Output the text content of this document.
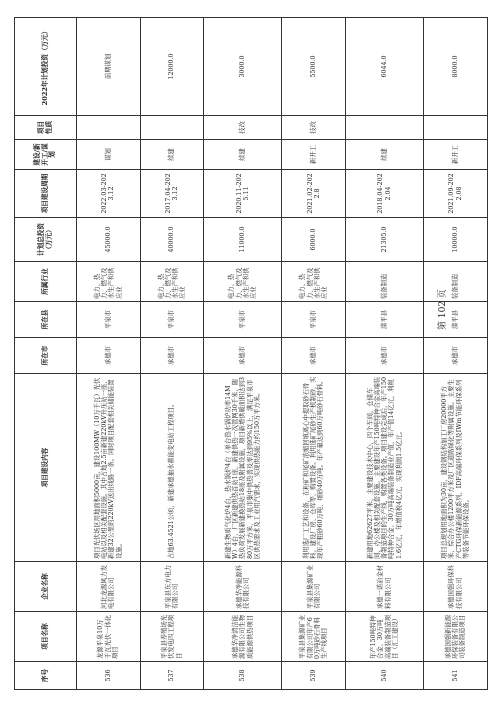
序号	项目名称	企业名称	项目建设内容	所在市	所在县	所属行业	计划总投资（万元）	项目建设周期	建设/新开工/谋划	项目性质	2022年计划投资（万元）
536	龙源平泉10万千瓦光伏一体化项目	河北龙源风力发电有限公司	项目光伏场区用地面积5000亩，建设100MW（10万千瓦）光伏电站以及相关配套设施。其中占地2.5亩新建220kV升压站一座，新建32公里的220kV送出线路一条。同时项目配套相关储能装置设施。	承德市	平泉市	电力、热力、燃气及水生产和供应业	45000.0	2022.03-2023.12	谋划		前期谋划
537	平泉县养殖场光伏发电四工程项目	平泉县东方电力有限公司	占地63.4521公顷，新建承德抽水蓄能变电站工程项目。	承德市	平泉市	电力、热力、燃气及水生产和供应业	40000.0	2017.04-2023.12	续建		12000.0
538	承德华净清洁能源有限公司生物质能源供热项目	承德华净能源科技有限公司	新建生物质气化炉4台，热水锅炉4台（单台热水锅炉功率14MW）4台，厂区新建供热首站1座，新建供热一次管网30千米，随热负荷发展新建换热站18座及附属设施，项目新增供暖面积达到380万平方米，平泉市集中供热普及率达到95%以上，满足平泉市区供热需求及工业用汽需求，实现供热能力约150万平方米。	承德市	平泉市	电力、热力、燃气及水生产和供应业	11000.0	2020.11-2025.11	续建	技改	3000.0
539	平泉县集源矿业有限公司年产60万吨砂石骨料生产线项目	平泉县集源矿业有限公司	利用选厂工艺和设备，在粉矿和尾矿浓缩回填离心中提取砂石骨料，建设厂房、仓库等，购置设备。利用选矿尾砂生产机制砂，实现年产粗砂60万吨、细砂40万吨。年产量达到60万吨砂石骨料。	承德市	平泉市	电力、热力、燃气及水生产和供应业	6000.0	2021.02-2022.8	新开工	技改	5500.0
540	年产150吨特种合金、30万吨高端装备制造项目（汇工建设）	承德一诺冶金材料有限公司	新建用地62627平米，主要建设技术中心，四个车间，仓储车间、办公楼及相关配套设施。主要建设年产150吨特种合金高端装备制造项目的生产线，购置各类设备。项目建设完成后，年产150吨特种合金、30万吨高端装备制造业产值，年产值14亿元，利税1.6亿元，年增值税4亿元，实现利润1.5亿元。	承德市	滦平县	装备制造	21305.0	2018.04-2022.04	续建		6044.0
541	承德国强新能源环保装备有限公司装备制造项目	承德国强环保科技有限公司	项目总规划用地面积为30亩，建设钢结构加工厂房20000平方米，综合办公楼1200平方米及厂区道路绿化等附属设施。主要生产CTG环保新能源系列、IDF高端环保系列及IWm节能环保系列等装备节能环保设备。	承德市	滦平县	装备制造	10000.0	2021.09-2022.08	新开工		8000.0
第 102 页
